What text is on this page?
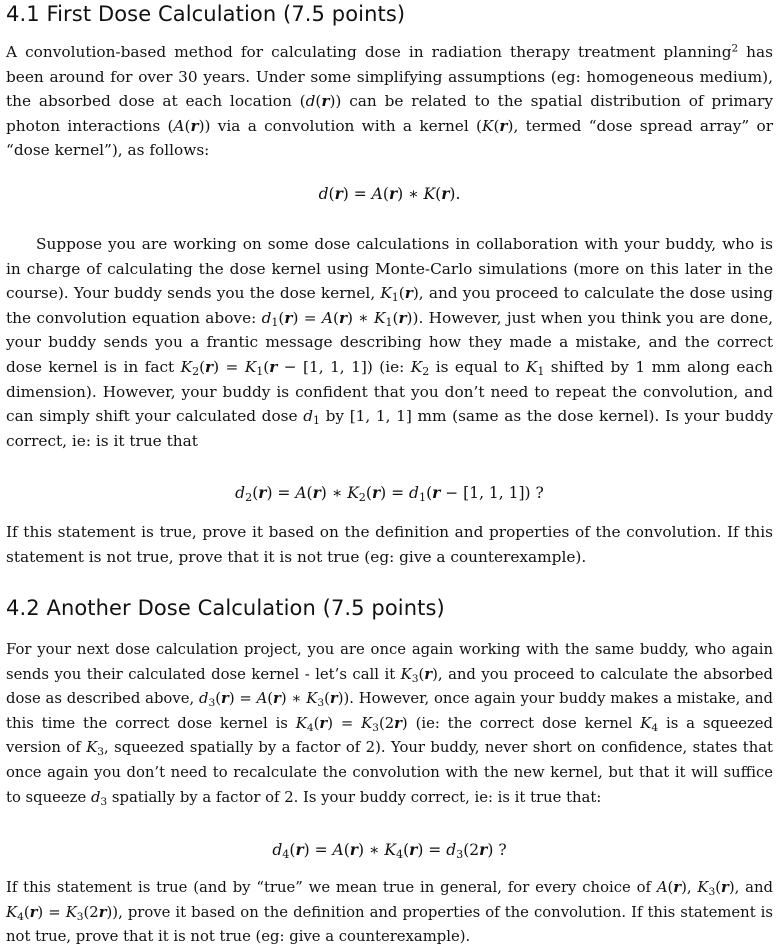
4.1 First Dose Calculation (7.5 points)

A convolution-based method for calculating dose in radiation therapy treatment planning$^2$ has been around for over 30 years. Under some simplifying assumptions (eg: homogeneous medium), the absorbed dose at each location (d(r)) can be related to the spatial distribution of primary photon interactions (A(r)) via a convolution with a kernel (K(r), termed “dose spread array” or “dose kernel”), as follows:

d(r) = A(r) ∗ K(r).

Suppose you are working on some dose calculations in collaboration with your buddy, who is in charge of calculating the dose kernel using Monte-Carlo simulations (more on this later in the course). Your buddy sends you the dose kernel, $K_1(r)$, and you proceed to calculate the dose using the convolution equation above: $d_1(r) = A(r)$ ∗ $K_1(r)$). However, just when you think you are done, your buddy sends you a frantic message describing how they made a mistake, and the correct dose kernel is in fact $K_2(r) = K_1(r - [1$, 1, 1]) (ie: $K_2$ is equal to $K_1$ shifted by 1 mm along each dimension). However, your buddy is confident that you don’t need to repeat the convolution, and can simply shift your calculated dose $d_1$ by [1, 1, 1] mm (same as the dose kernel). Is your buddy correct, ie: is it true that

$d_2(r) = A(r)$ ∗ $K_2(r) = d_1(r - [1$, 1, 1]) ?

If this statement is true, prove it based on the definition and properties of the convolution. If this statement is not true, prove that it is not true (eg: give a counterexample).

4.2 Another Dose Calculation (7.5 points)

For your next dose calculation project, you are once again working with the same buddy, who again sends you their calculated dose kernel - let’s call it $K_3(r)$, and you proceed to calculate the absorbed dose as described above, $d_3(r) = A(r)$ ∗ $K_3(r)$). However, once again your buddy makes a mistake, and this time the correct dose kernel is $K_4(r) = K_3(2r)$ (ie: the correct dose kernel $K_4$ is a squeezed version of $K_3$, squeezed spatially by a factor of 2). Your buddy, never short on confidence, states that once again you don’t need to recalculate the convolution with the new kernel, but that it will suffice to squeeze $d_3$ spatially by a factor of 2. Is your buddy correct, ie: is it true that:

$d_4(r) = A(r)$ ∗ $K_4(r) = d_3(2r)$ ?

If this statement is true (and by “true” we mean true in general, for every choice of A(r), $K_3(r)$, and $K_4(r) = K_3(2r)$), prove it based on the definition and properties of the convolution. If this statement is not true, prove that it is not true (eg: give a counterexample).
